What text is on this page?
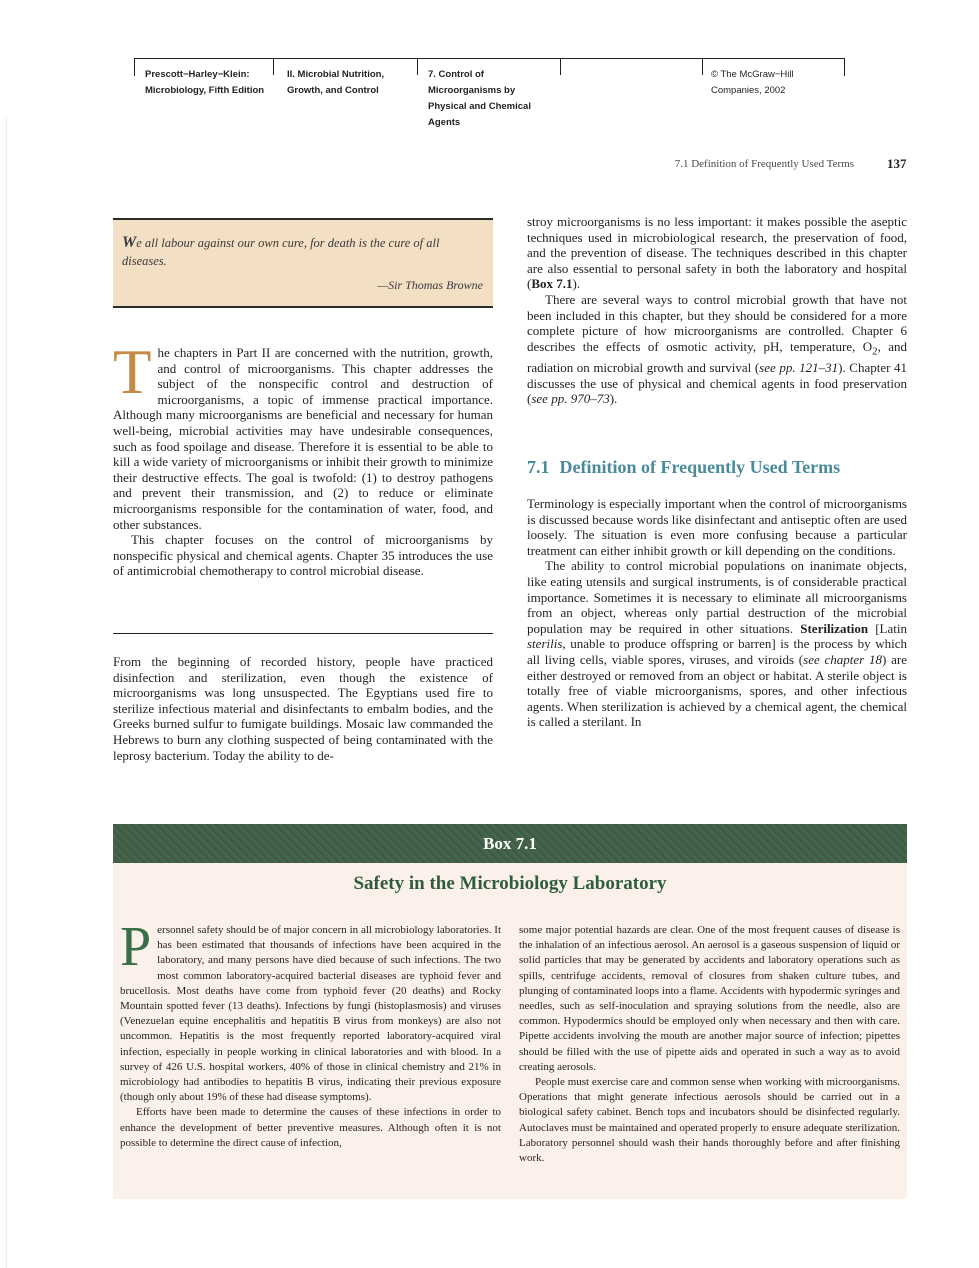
Prescott−Harley−Klein:
Microbiology, Fifth Edition
II. Microbial Nutrition,
Growth, and Control
7. Control of
Microorganisms by
Physical and Chemical
Agents
© The McGraw−Hill
Companies, 2002
7.1 Definition of Frequently Used Terms	137
We all labour against our own cure, for death is the cure of all diseases.
—Sir Thomas Browne

The chapters in Part II are concerned with the nutrition, growth, and control of microorganisms. This chapter addresses the subject of the nonspecific control and destruction of microorganisms, a topic of immense practical importance. Although many microorganisms are beneficial and necessary for human well-being, microbial activities may have undesirable consequences, such as food spoilage and disease. Therefore it is essential to be able to kill a wide variety of microorganisms or inhibit their growth to minimize their destructive effects. The goal is twofold: (1) to destroy pathogens and prevent their transmission, and (2) to reduce or eliminate microorganisms responsible for the contamination of water, food, and other substances.

This chapter focuses on the control of microorganisms by nonspecific physical and chemical agents. Chapter 35 introduces the use of antimicrobial chemotherapy to control microbial disease.

From the beginning of recorded history, people have practiced disinfection and sterilization, even though the existence of microorganisms was long unsuspected. The Egyptians used fire to sterilize infectious material and disinfectants to embalm bodies, and the Greeks burned sulfur to fumigate buildings. Mosaic law commanded the Hebrews to burn any clothing suspected of being contaminated with the leprosy bacterium. Today the ability to de-

stroy microorganisms is no less important: it makes possible the aseptic techniques used in microbiological research, the preservation of food, and the prevention of disease. The techniques described in this chapter are also essential to personal safety in both the laboratory and hospital (Box 7.1).

There are several ways to control microbial growth that have not been included in this chapter, but they should be considered for a more complete picture of how microorganisms are controlled. Chapter 6 describes the effects of osmotic activity, pH, temperature, $O_2$, and radiation on microbial growth and survival (see pp. 121–31). Chapter 41 discusses the use of physical and chemical agents in food preservation (see pp. 970–73).

7.1 Definition of Frequently Used Terms

Terminology is especially important when the control of microorganisms is discussed because words like disinfectant and antiseptic often are used loosely. The situation is even more confusing because a particular treatment can either inhibit growth or kill depending on the conditions.

The ability to control microbial populations on inanimate objects, like eating utensils and surgical instruments, is of considerable practical importance. Sometimes it is necessary to eliminate all microorganisms from an object, whereas only partial destruction of the microbial population may be required in other situations. Sterilization [Latin sterilis, unable to produce offspring or barren] is the process by which all living cells, viable spores, viruses, and viroids (see chapter 18) are either destroyed or removed from an object or habitat. A sterile object is totally free of viable microorganisms, spores, and other infectious agents. When sterilization is achieved by a chemical agent, the chemical is called a sterilant. In

Box 7.1
Safety in the Microbiology Laboratory

Personnel safety should be of major concern in all microbiology laboratories. It has been estimated that thousands of infections have been acquired in the laboratory, and many persons have died because of such infections. The two most common laboratory-acquired bacterial diseases are typhoid fever and brucellosis. Most deaths have come from typhoid fever (20 deaths) and Rocky Mountain spotted fever (13 deaths). Infections by fungi (histoplasmosis) and viruses (Venezuelan equine encephalitis and hepatitis B virus from monkeys) are also not uncommon. Hepatitis is the most frequently reported laboratory-acquired viral infection, especially in people working in clinical laboratories and with blood. In a survey of 426 U.S. hospital workers, 40% of those in clinical chemistry and 21% in microbiology had antibodies to hepatitis B virus, indicating their previous exposure (though only about 19% of these had disease symptoms).

Efforts have been made to determine the causes of these infections in order to enhance the development of better preventive measures. Although often it is not possible to determine the direct cause of infection,

some major potential hazards are clear. One of the most frequent causes of disease is the inhalation of an infectious aerosol. An aerosol is a gaseous suspension of liquid or solid particles that may be generated by accidents and laboratory operations such as spills, centrifuge accidents, removal of closures from shaken culture tubes, and plunging of contaminated loops into a flame. Accidents with hypodermic syringes and needles, such as self-inoculation and spraying solutions from the needle, also are common. Hypodermics should be employed only when necessary and then with care. Pipette accidents involving the mouth are another major source of infection; pipettes should be filled with the use of pipette aids and operated in such a way as to avoid creating aerosols.

People must exercise care and common sense when working with microorganisms. Operations that might generate infectious aerosols should be carried out in a biological safety cabinet. Bench tops and incubators should be disinfected regularly. Autoclaves must be maintained and operated properly to ensure adequate sterilization. Laboratory personnel should wash their hands thoroughly before and after finishing work.
